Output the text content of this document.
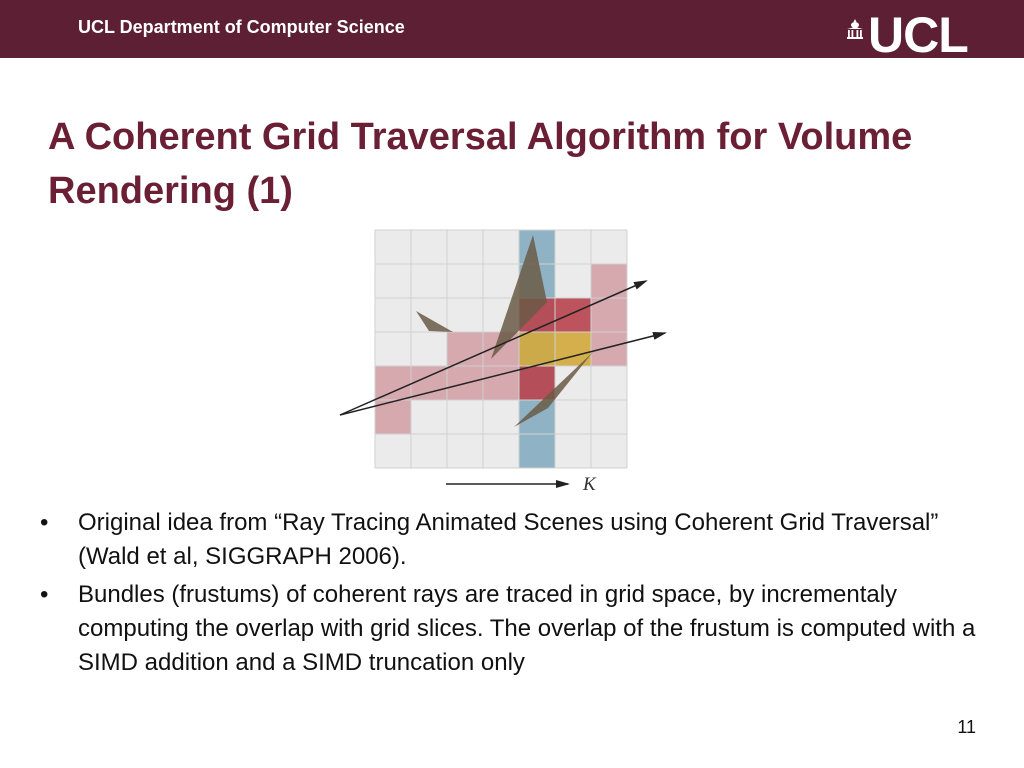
UCL Department of Computer Science	UCL
A Coherent Grid Traversal Algorithm for Volume Rendering (1)
K
• Original idea from “Ray Tracing Animated Scenes using Coherent Grid Traversal” (Wald et al, SIGGRAPH 2006).
• Bundles (frustums) of coherent rays are traced in grid space, by incrementaly computing the overlap with grid slices. The overlap of the frustum is computed with a SIMD addition and a SIMD truncation only
11
